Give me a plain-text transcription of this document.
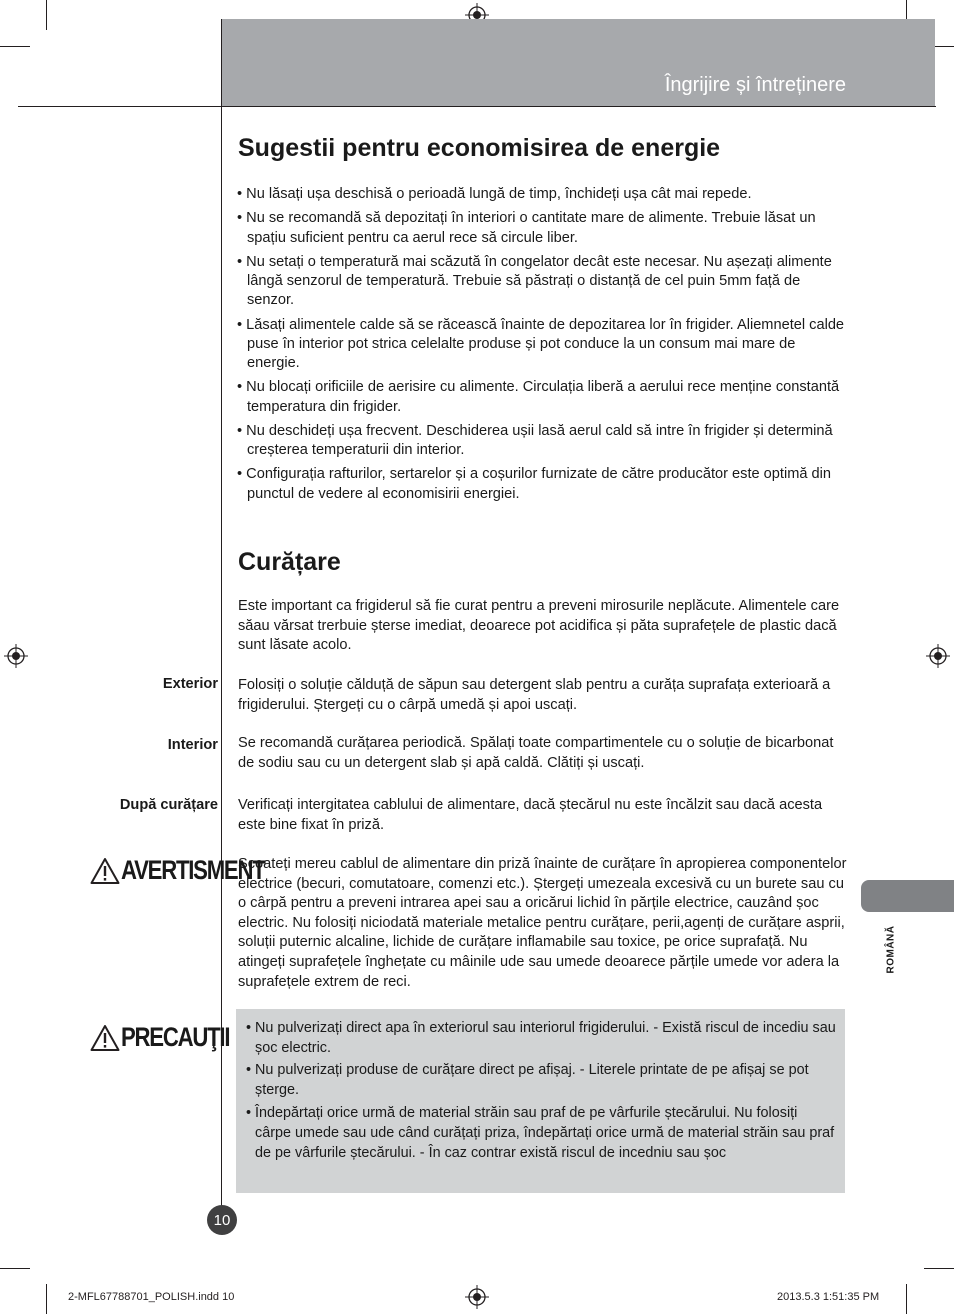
Îngrijire și întreținere
Sugestii pentru economisirea de energie
• Nu lăsați ușa deschisă o perioadă lungă de timp, închideți ușa cât mai repede.
• Nu se recomandă să depozitați în interiori o cantitate mare de alimente. Trebuie lăsat un spațiu suficient pentru ca aerul rece să circule liber.
• Nu setați o temperatură mai scăzută în congelator decât este necesar. Nu așezați alimente lângă senzorul de temperatură. Trebuie să păstrați o distanță de cel puin 5mm față de senzor.
• Lăsați alimentele calde să se răcească înainte de depozitarea lor în frigider. Aliemnetel calde puse în interior pot strica celelalte produse și pot conduce la un consum mai mare de energie.
• Nu blocați orificiile de aerisire cu alimente. Circulația liberă a aerului rece menține constantă temperatura din frigider.
• Nu deschideți ușa frecvent. Deschiderea ușii lasă aerul cald să intre în frigider și determină creșterea temperaturii din interior.
• Configurația rafturilor, sertarelor și a coșurilor furnizate de către producător este optimă din punctul de vedere al economisirii energiei.
Curățare
Este important ca frigiderul să fie curat pentru a preveni mirosurile neplăcute. Alimentele care săau vărsat trerbuie șterse imediat, deoarece pot acidifica și păta suprafețele de plastic dacă sunt lăsate acolo.
Exterior Folosiți o soluție călduță de săpun sau detergent slab pentru a curăța suprafața exterioară a frigiderului. Ștergeți cu o cârpă umedă și apoi uscați.
Interior Se recomandă curățarea periodică. Spălați toate compartimentele cu o soluție de bicarbonat de sodiu sau cu un detergent slab și apă caldă. Clătiți și uscați.
După curățare Verificați intergitatea cablului de alimentare, dacă ștecărul nu este încălzit sau dacă acesta este bine fixat în priză.
AVERTISMENT
Scoateți mereu cablul de alimentare din priză înainte de curățare în apropierea componentelor electrice (becuri, comutatoare, comenzi etc.). Ștergeți umezeala excesivă cu un burete sau cu o cârpă pentru a preveni intrarea apei sau a oricărui lichid în părțile electrice, cauzând șoc electric. Nu folosiți niciodată materiale metalice pentru curățare, perii,agenți de curățare asprii, soluții puternic alcaline, lichide de curățare inflamabile sau toxice, pe orice suprafață. Nu atingeți suprafețele înghețate cu mâinile ude sau umede deoarece părțile umede vor adera la suprafețele extrem de reci.
PRECAUŢII • Nu pulverizați direct apa în exteriorul sau interiorul frigiderului. - Există riscul de incediu sau șoc electric.
• Nu pulverizați produse de curățare direct pe afișaj. - Literele printate de pe afișaj se pot șterge.
• Îndepărtați orice urmă de material străin sau praf de pe vârfurile ștecărului. Nu folosiți cârpe umede sau ude când curățați priza, îndepărtați orice urmă de material străin sau praf de pe vârfurile ștecărului. - În caz contrar există riscul de incedniu sau șoc
ROMÂNĂ
10
2-MFL67788701_POLISH.indd 10	2013.5.3 1:51:35 PM
